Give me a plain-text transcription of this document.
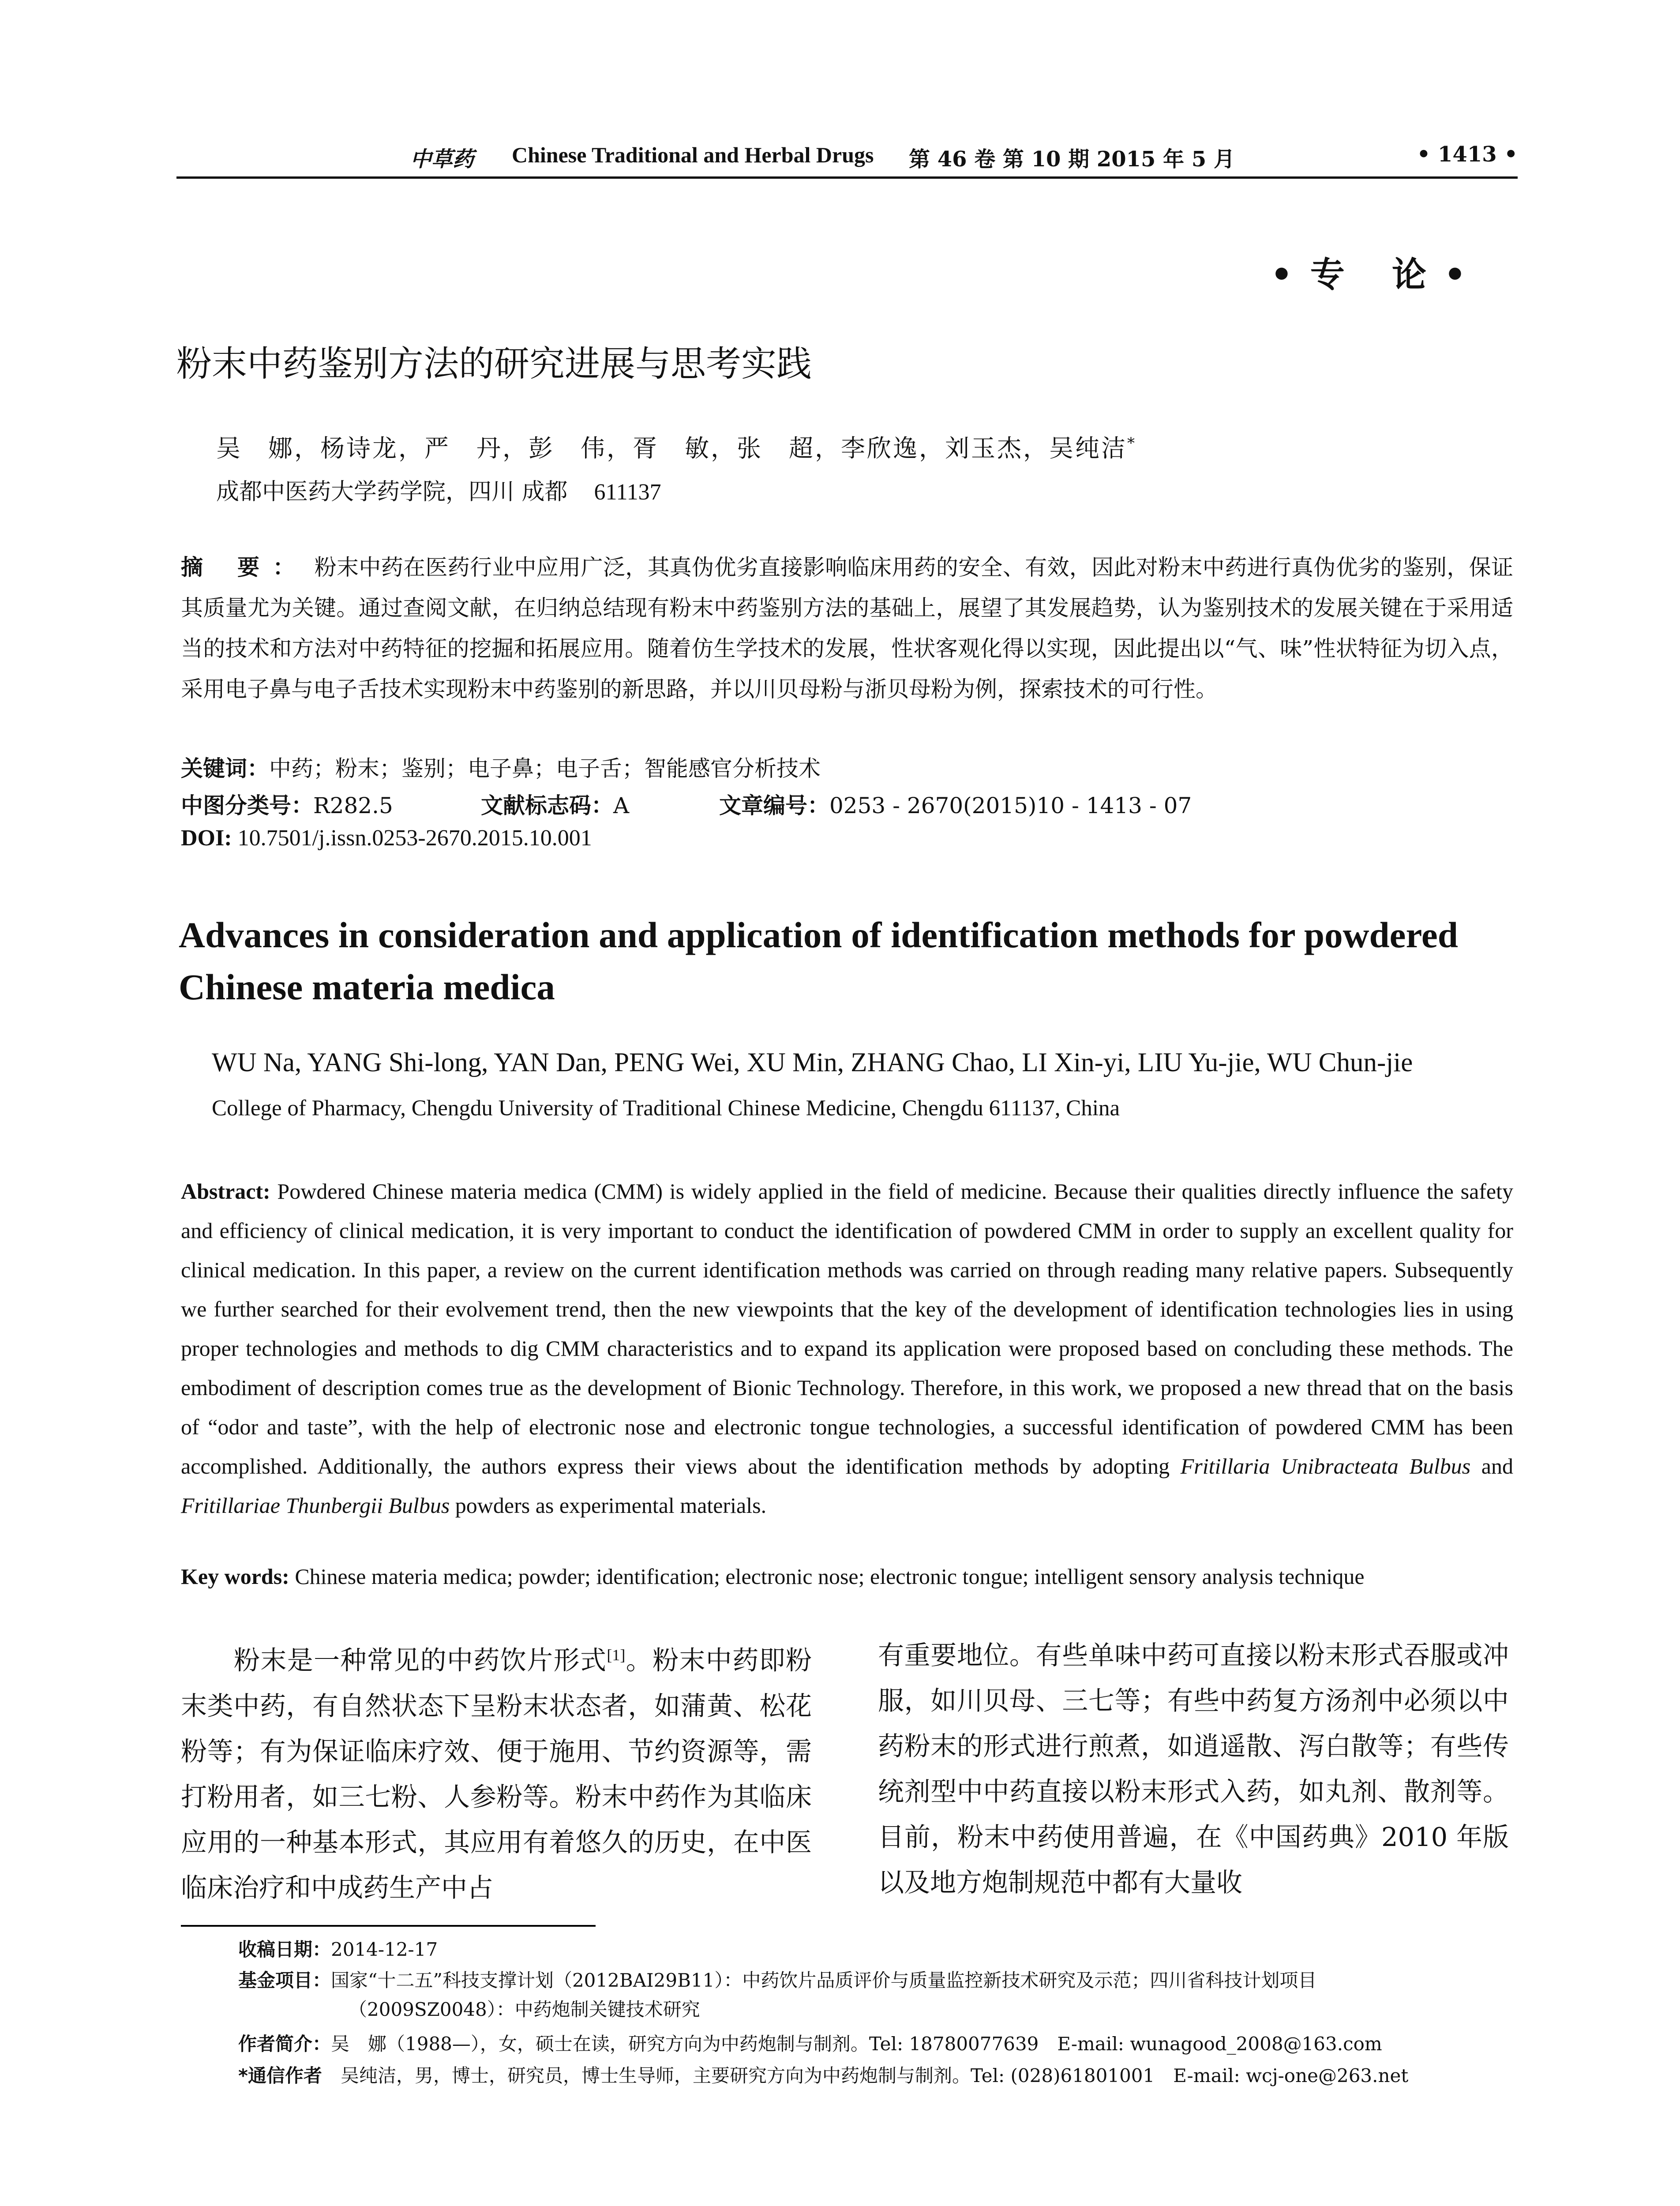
中草药 Chinese Traditional and Herbal Drugs 第 46 卷 第 10 期 2015 年 5 月	• 1413 •
•专 论•
粉末中药鉴别方法的研究进展与思考实践
吴　娜，杨诗龙，严　丹，彭　伟，胥　敏，张　超，李欣逸，刘玉杰，吴纯洁*
成都中医药大学药学院，四川 成都 611137
摘 要： 粉末中药在医药行业中应用广泛，其真伪优劣直接影响临床用药的安全、有效，因此对粉末中药进行真伪优劣的鉴别，保证其质量尤为关键。通过查阅文献，在归纳总结现有粉末中药鉴别方法的基础上，展望了其发展趋势，认为鉴别技术的发展关键在于采用适当的技术和方法对中药特征的挖掘和拓展应用。随着仿生学技术的发展，性状客观化得以实现，因此提出以“气、味”性状特征为切入点，采用电子鼻与电子舌技术实现粉末中药鉴别的新思路，并以川贝母粉与浙贝母粉为例，探索技术的可行性。
关键词：中药；粉末；鉴别；电子鼻；电子舌；智能感官分析技术
中图分类号：R282.5	文献标志码：A	文章编号：0253 - 2670(2015)10 - 1413 - 07
DOI: 10.7501/j.issn.0253-2670.2015.10.001
Advances in consideration and application of identification methods for powdered Chinese materia medica
WU Na, YANG Shi-long, YAN Dan, PENG Wei, XU Min, ZHANG Chao, LI Xin-yi, LIU Yu-jie, WU Chun-jie
College of Pharmacy, Chengdu University of Traditional Chinese Medicine, Chengdu 611137, China
Abstract: Powdered Chinese materia medica (CMM) is widely applied in the field of medicine. Because their qualities directly influence the safety and efficiency of clinical medication, it is very important to conduct the identification of powdered CMM in order to supply an excellent quality for clinical medication. In this paper, a review on the current identification methods was carried on through reading many relative papers. Subsequently we further searched for their evolvement trend, then the new viewpoints that the key of the development of identification technologies lies in using proper technologies and methods to dig CMM characteristics and to expand its application were proposed based on concluding these methods. The embodiment of description comes true as the development of Bionic Technology. Therefore, in this work, we proposed a new thread that on the basis of “odor and taste”, with the help of electronic nose and electronic tongue technologies, a successful identification of powdered CMM has been accomplished. Additionally, the authors express their views about the identification methods by adopting Fritillaria Unibracteata Bulbus and Fritillariae Thunbergii Bulbus powders as experimental materials.
Key words: Chinese materia medica; powder; identification; electronic nose; electronic tongue; intelligent sensory analysis technique
粉末是一种常见的中药饮片形式[1]。粉末中药即粉末类中药，有自然状态下呈粉末状态者，如蒲黄、松花粉等；有为保证临床疗效、便于施用、节约资源等，需打粉用者，如三七粉、人参粉等。粉末中药作为其临床应用的一种基本形式，其应用有着悠久的历史，在中医临床治疗和中成药生产中占
有重要地位。有些单味中药可直接以粉末形式吞服或冲服，如川贝母、三七等；有些中药复方汤剂中必须以中药粉末的形式进行煎煮，如逍遥散、泻白散等；有些传统剂型中中药直接以粉末形式入药，如丸剂、散剂等。目前，粉末中药使用普遍，在《中国药典》2010 年版以及地方炮制规范中都有大量收
收稿日期：2014-12-17
基金项目：国家“十二五”科技支撑计划（2012BAI29B11）：中药饮片品质评价与质量监控新技术研究及示范；四川省科技计划项目
（2009SZ0048）：中药炮制关键技术研究
作者简介：吴　娜（1988—），女，硕士在读，研究方向为中药炮制与制剂。Tel: 18780077639　E-mail: wunagood_2008@163.com
*通信作者　 吴纯洁，男，博士，研究员，博士生导师，主要研究方向为中药炮制与制剂。Tel: (028)61801001　E-mail: wcj-one@263.net
